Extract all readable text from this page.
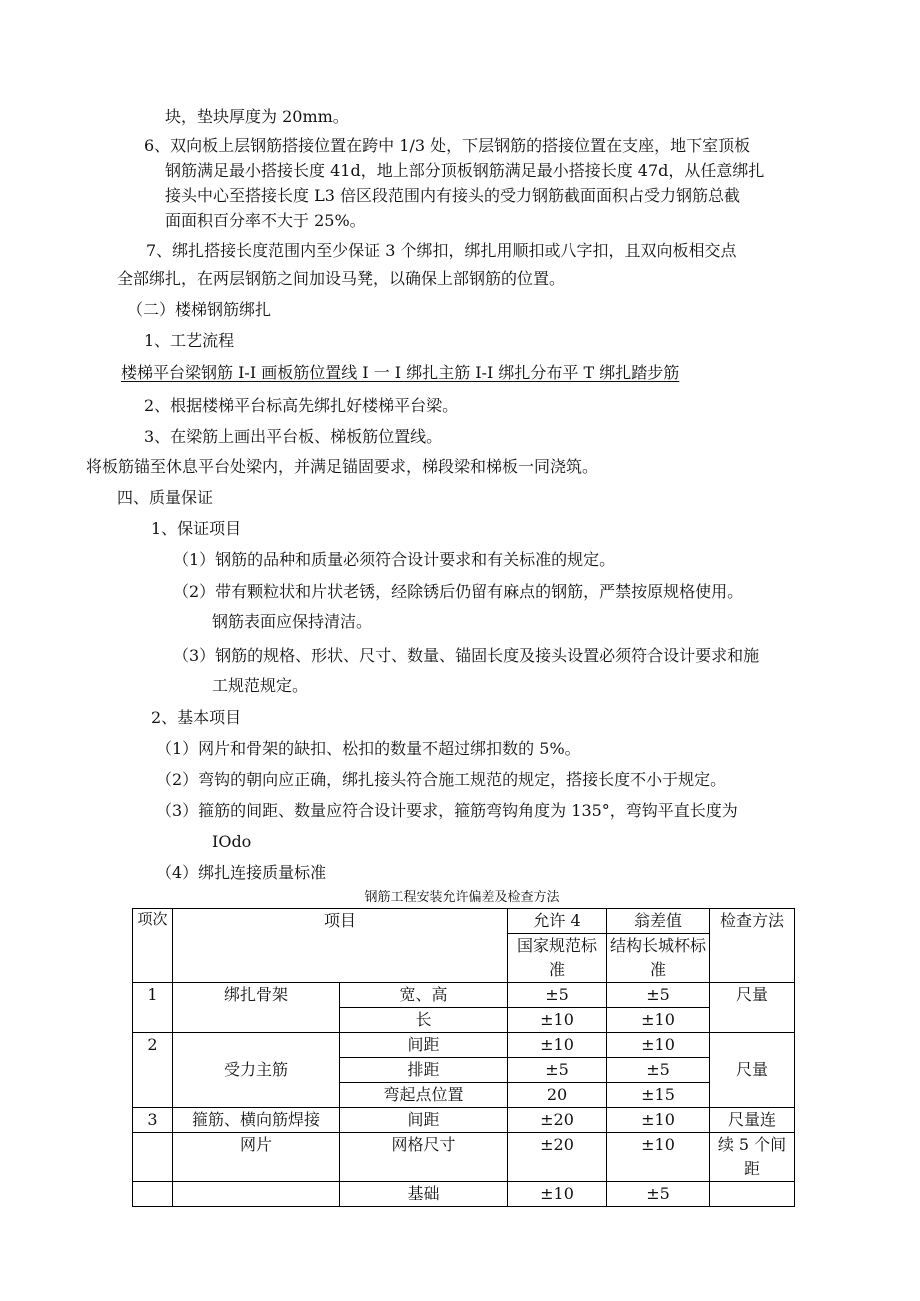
块，垫块厚度为 20mm。
6、双向板上层钢筋搭接位置在跨中 1/3 处，下层钢筋的搭接位置在支座，地下室顶板
钢筋满足最小搭接长度 41d，地上部分顶板钢筋满足最小搭接长度 47d，从任意绑扎
接头中心至搭接长度 L3 倍区段范围内有接头的受力钢筋截面面积占受力钢筋总截
面面积百分率不大于 25%。
7、绑扎搭接长度范围内至少保证 3 个绑扣，绑扎用顺扣或八字扣，且双向板相交点
全部绑扎，在两层钢筋之间加设马凳，以确保上部钢筋的位置。
（二）楼梯钢筋绑扎
1、工艺流程
楼梯平台梁钢筋 I-I 画板筋位置线 I 一 I 绑扎主筋 I-I 绑扎分布平 T 绑扎踏步筋
2、根据楼梯平台标高先绑扎好楼梯平台梁。
3、在梁筋上画出平台板、梯板筋位置线。
将板筋锚至休息平台处梁内，并满足锚固要求，梯段梁和梯板一同浇筑。
四、质量保证
1、保证项目
（1）钢筋的品种和质量必须符合设计要求和有关标准的规定。
（2）带有颗粒状和片状老锈，经除锈后仍留有麻点的钢筋，严禁按原规格使用。
钢筋表面应保持清洁。
（3）钢筋的规格、形状、尺寸、数量、锚固长度及接头设置必须符合设计要求和施
工规范规定。
2、基本项目
（1）网片和骨架的缺扣、松扣的数量不超过绑扣数的 5%。
（2）弯钩的朝向应正确，绑扎接头符合施工规范的规定，搭接长度不小于规定。
（3）箍筋的间距、数量应符合设计要求，箍筋弯钩角度为 135°，弯钩平直长度为
IOdo
（4）绑扎连接质量标准
钢筋工程安装允许偏差及检查方法
项次	项目		允许 4	翁差值	检查方法
			国家规范标准	结构长城杯标准	
1	绑扎骨架	宽、高	±5	±5	尺量
		长	±10	±10	
2	受力主筋	间距	±10	±10	尺量
		排距	±5	±5	
		弯起点位置	20	±15	
3	箍筋、横向筋焊接	间距	±20	±10	尺量连
	网片	网格尺寸	±20	±10	续 5 个间距
		基础	±10	±5	
